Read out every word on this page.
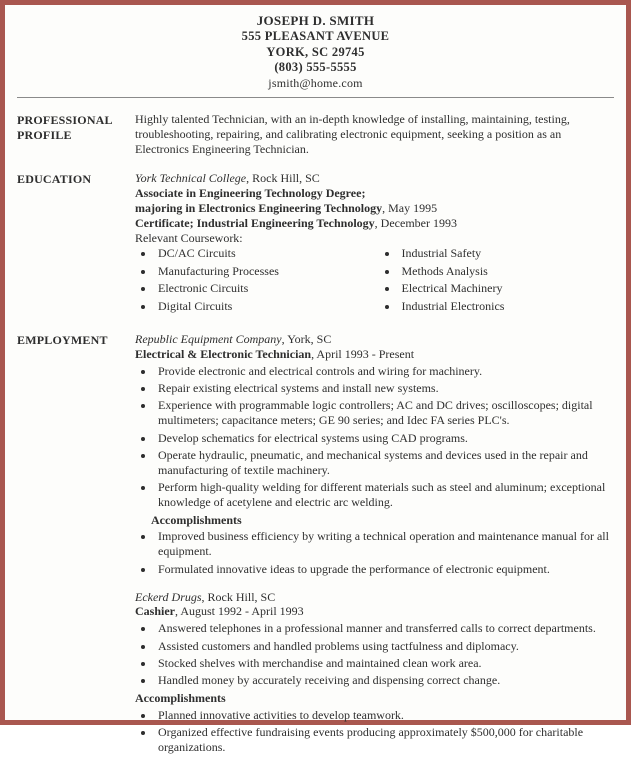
JOSEPH D. SMITH
555 PLEASANT AVENUE
YORK, SC 29745
(803) 555-5555
jsmith@home.com
PROFESSIONAL
PROFILE

Highly talented Technician, with an in-depth knowledge of installing, maintaining, testing, troubleshooting, repairing, and calibrating electronic equipment, seeking a position as an Electronics Engineering Technician.

EDUCATION	York Technical College, Rock Hill, SC

Associate in Engineering Technology Degree;

majoring in Electronics Engineering Technology, May 1995

Certificate; Industrial Engineering Technology, December 1993

Relevant Coursework:

• DC/AC Circuits
• Manufacturing Processes
• Electronic Circuits
• Digital Circuits
• Industrial Safety
• Methods Analysis
• Electrical Machinery
• Industrial Electronics
EMPLOYMENT	Republic Equipment Company, York, SC

Electrical & Electronic Technician, April 1993 - Present

• Provide electronic and electrical controls and wiring for machinery.
• Repair existing electrical systems and install new systems.
• Experience with programmable logic controllers; AC and DC drives; oscilloscopes; digital multimeters; capacitance meters; GE 90 series; and Idec FA series PLC's.
• Develop schematics for electrical systems using CAD programs.
• Operate hydraulic, pneumatic, and mechanical systems and devices used in the repair and manufacturing of textile machinery.
• Perform high-quality welding for different materials such as steel and aluminum; exceptional knowledge of acetylene and electric arc welding.

Accomplishments

• Improved business efficiency by writing a technical operation and maintenance manual for all equipment.
• Formulated innovative ideas to upgrade the performance of electronic equipment.

Eckerd Drugs, Rock Hill, SC

Cashier, August 1992 - April 1993

• Answered telephones in a professional manner and transferred calls to correct departments.
• Assisted customers and handled problems using tactfulness and diplomacy.
• Stocked shelves with merchandise and maintained clean work area.
• Handled money by accurately receiving and dispensing correct change.

Accomplishments

• Planned innovative activities to develop teamwork.
• Organized effective fundraising events producing approximately $500,000 for charitable organizations.
